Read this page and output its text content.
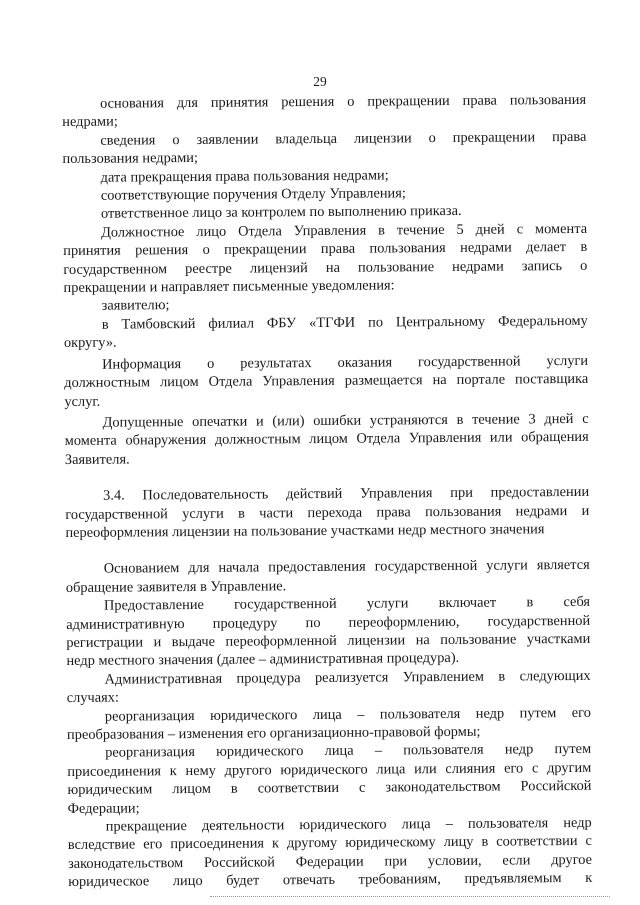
29

основания для принятия решения о прекращении права пользования

недрами;

сведения о заявлении владельца лицензии о прекращении права

пользования недрами;

дата прекращения права пользования недрами;

соответствующие поручения Отделу Управления;

ответственное лицо за контролем по выполнению приказа.

Должностное лицо Отдела Управления в течение 5 дней с момента

принятия решения о прекращении права пользования недрами делает в

государственном реестре лицензий на пользование недрами запись о

прекращении и направляет письменные уведомления:

заявителю;

в Тамбовский филиал ФБУ «ТГФИ по Центральному Федеральному

округу».

Информация о результатах оказания государственной услуги

должностным лицом Отдела Управления размещается на портале поставщика

услуг.

Допущенные опечатки и (или) ошибки устраняются в течение 3 дней с

момента обнаружения должностным лицом Отдела Управления или обращения

Заявителя.

3.4. Последовательность действий Управления при предоставлении

государственной услуги в части перехода права пользования недрами и

переоформления лицензии на пользование участками недр местного значения

Основанием для начала предоставления государственной услуги является

обращение заявителя в Управление.

Предоставление государственной услуги включает в себя

административную процедуру по переоформлению, государственной

регистрации и выдаче переоформленной лицензии на пользование участками

недр местного значения (далее – административная процедура).

Административная процедура реализуется Управлением в следующих

случаях:

реорганизация юридического лица – пользователя недр путем его

преобразования – изменения его организационно-правовой формы;

реорганизация юридического лица – пользователя недр путем

присоединения к нему другого юридического лица или слияния его с другим

юридическим лицом в соответствии с законодательством Российской

Федерации;

прекращение деятельности юридического лица – пользователя недр

вследствие его присоединения к другому юридическому лицу в соответствии с

законодательством Российской Федерации при условии, если другое

юридическое лицо будет отвечать требованиям, предъявляемым к
